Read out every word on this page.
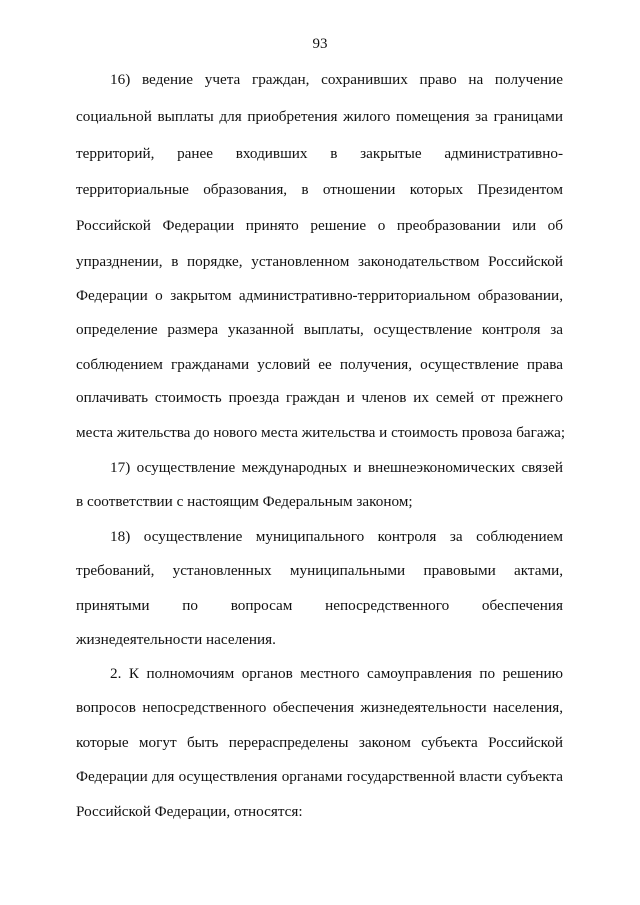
93
16) ведение учета граждан, сохранивших право на получение
социальной выплаты для приобретения жилого помещения за границами
территорий, ранее входивших в закрытые административно-
территориальные образования, в отношении которых Президентом
Российской Федерации принято решение о преобразовании или об
упразднении, в порядке, установленном законодательством Российской
Федерации о закрытом административно-территориальном образовании,
определение размера указанной выплаты, осуществление контроля за
соблюдением гражданами условий ее получения, осуществление права
оплачивать стоимость проезда граждан и членов их семей от прежнего
места жительства до нового места жительства и стоимость провоза багажа;
17) осуществление международных и внешнеэкономических связей
в соответствии с настоящим Федеральным законом;
18) осуществление муниципального контроля за соблюдением
требований, установленных муниципальными правовыми актами,
принятыми по вопросам непосредственного обеспечения
жизнедеятельности населения.
2. К полномочиям органов местного самоуправления по решению
вопросов непосредственного обеспечения жизнедеятельности населения,
которые могут быть перераспределены законом субъекта Российской
Федерации для осуществления органами государственной власти субъекта
Российской Федерации, относятся:
